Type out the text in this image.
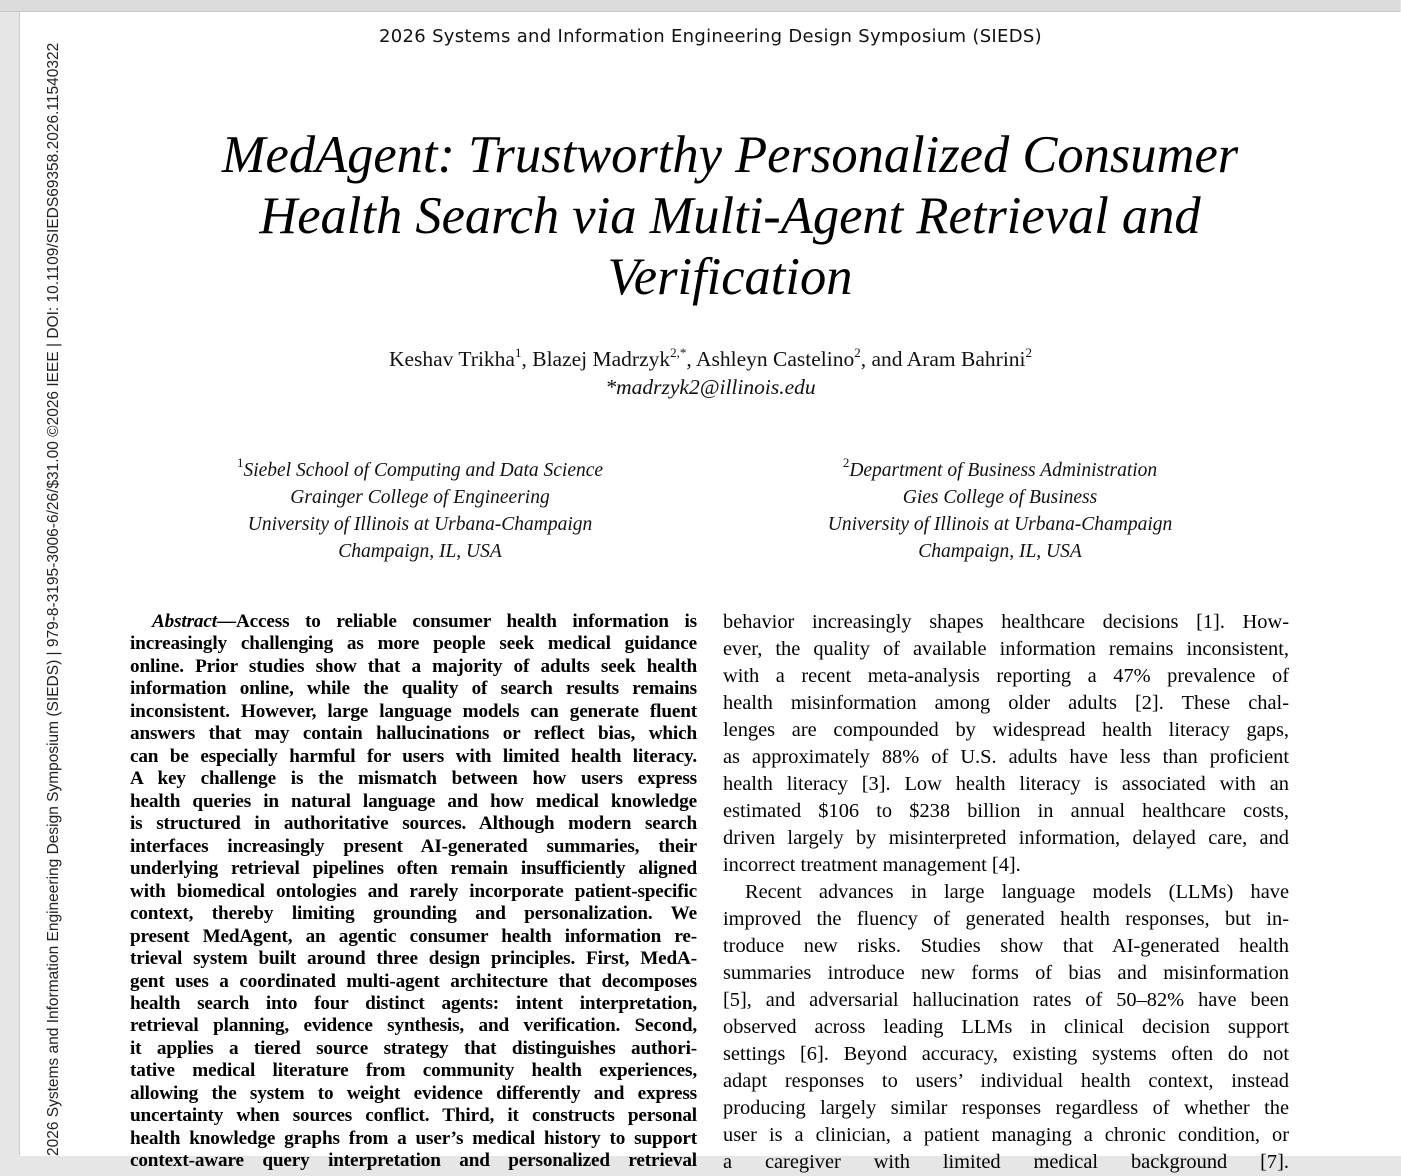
2026 Systems and Information Engineering Design Symposium (SIEDS)
MedAgent: Trustworthy Personalized Consumer
Health Search via Multi-Agent Retrieval and
Verification
Keshav Trikha$^1$, Blazej Madrzyk$^{2,*}$, Ashleyn Castelino$^2$, and Aram Bahrini$^2$
*madrzyk2@illinois.edu
$^1$Siebel School of Computing and Data Science
Grainger College of Engineering
University of Illinois at Urbana-Champaign
Champaign, IL, USA
$^2$Department of Business Administration
Gies College of Business
University of Illinois at Urbana-Champaign
Champaign, IL, USA
Abstract—Access to reliable consumer health information is
increasingly challenging as more people seek medical guidance
online. Prior studies show that a majority of adults seek health
information online, while the quality of search results remains
inconsistent. However, large language models can generate fluent
answers that may contain hallucinations or reflect bias, which
can be especially harmful for users with limited health literacy.
A key challenge is the mismatch between how users express
health queries in natural language and how medical knowledge
is structured in authoritative sources. Although modern search
interfaces increasingly present AI-generated summaries, their
underlying retrieval pipelines often remain insufficiently aligned
with biomedical ontologies and rarely incorporate patient-specific
context, thereby limiting grounding and personalization. We
present MedAgent, an agentic consumer health information re-
trieval system built around three design principles. First, MedA-
gent uses a coordinated multi-agent architecture that decomposes
health search into four distinct agents: intent interpretation,
retrieval planning, evidence synthesis, and verification. Second,
it applies a tiered source strategy that distinguishes authori-
tative medical literature from community health experiences,
allowing the system to weight evidence differently and express
uncertainty when sources conflict. Third, it constructs personal
health knowledge graphs from a user’s medical history to support
context-aware query interpretation and personalized retrieval
behavior increasingly shapes healthcare decisions [1]. How-
ever, the quality of available information remains inconsistent,
with a recent meta-analysis reporting a 47% prevalence of
health misinformation among older adults [2]. These chal-
lenges are compounded by widespread health literacy gaps,
as approximately 88% of U.S. adults have less than proficient
health literacy [3]. Low health literacy is associated with an
estimated $106 to $238 billion in annual healthcare costs,
driven largely by misinterpreted information, delayed care, and
incorrect treatment management [4].
Recent advances in large language models (LLMs) have
improved the fluency of generated health responses, but in-
troduce new risks. Studies show that AI-generated health
summaries introduce new forms of bias and misinformation
[5], and adversarial hallucination rates of 50–82% have been
observed across leading LLMs in clinical decision support
settings [6]. Beyond accuracy, existing systems often do not
adapt responses to users’ individual health context, instead
producing largely similar responses regardless of whether the
user is a clinician, a patient managing a chronic condition, or
a caregiver with limited medical background [7].
2026 Systems and Information Engineering Design Symposium (SIEDS) | 979-8-3195-3006-6/26/$31.00 ©2026 IEEE | DOI: 10.1109/SIEDS69358.2026.11540322
